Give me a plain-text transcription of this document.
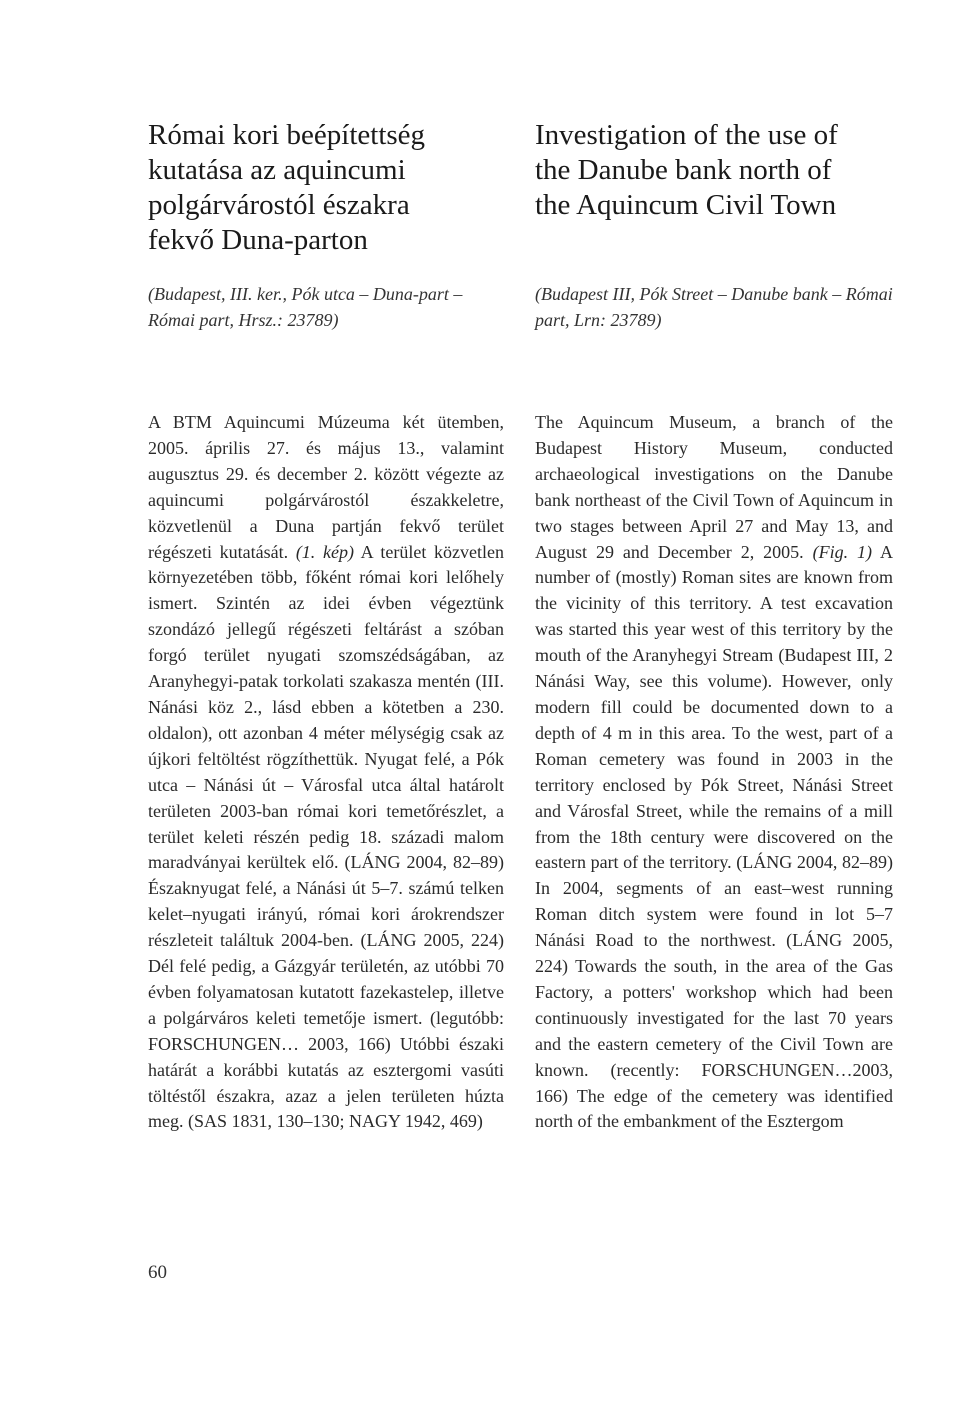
Római kori beépítettség kutatása az aquincumi polgárvárostól északra fekvő Duna-parton

(Budapest, III. ker., Pók utca – Duna-part – Római part, Hrsz.: 23789)

A BTM Aquincumi Múzeuma két ütemben, 2005. április 27. és május 13., valamint augusztus 29. és december 2. között végezte az aquincumi polgárvárostól északkeletre, közvetlenül a Duna partján fekvő terület régészeti kutatását. (1. kép) A terület közvetlen környezetében több, főként római kori lelőhely ismert. Szintén az idei évben végeztünk szondázó jellegű régészeti feltárást a szóban forgó terület nyugati szomszédságában, az Aranyhegyi-patak torkolati szakasza mentén (III. Nánási köz 2., lásd ebben a kötetben a 230. oldalon), ott azonban 4 méter mélységig csak az újkori feltöltést rögzíthettük. Nyugat felé, a Pók utca – Nánási út – Városfal utca által határolt területen 2003-ban római kori temetőrészlet, a terület keleti részén pedig 18. századi malom maradványai kerültek elő. (LÁNG 2004, 82–89) Északnyugat felé, a Nánási út 5–7. számú telken kelet–nyugati irányú, római kori árokrendszer részleteit találtuk 2004-ben. (LÁNG 2005, 224) Dél felé pedig, a Gázgyár területén, az utóbbi 70 évben folyamatosan kutatott fazekastelep, illetve a polgárváros keleti temetője ismert. (legutóbb: FORSCHUNGEN… 2003, 166) Utóbbi északi határát a korábbi kutatás az esztergomi vasúti töltéstől északra, azaz a jelen területen húzta meg. (SAS 1831, 130–130; NAGY 1942, 469)

Investigation of the use of the Danube bank north of the Aquincum Civil Town

(Budapest III, Pók Street – Danube bank – Római part, Lrn: 23789)

The Aquincum Museum, a branch of the Budapest History Museum, conducted archaeological investigations on the Danube bank northeast of the Civil Town of Aquincum in two stages between April 27 and May 13, and August 29 and December 2, 2005. (Fig. 1) A number of (mostly) Roman sites are known from the vicinity of this territory. A test excavation was started this year west of this territory by the mouth of the Aranyhegyi Stream (Budapest III, 2 Nánási Way, see this volume). However, only modern fill could be documented down to a depth of 4 m in this area. To the west, part of a Roman cemetery was found in 2003 in the territory enclosed by Pók Street, Nánási Street and Városfal Street, while the remains of a mill from the 18th century were discovered on the eastern part of the territory. (LÁNG 2004, 82–89) In 2004, segments of an east–west running Roman ditch system were found in lot 5–7 Nánási Road to the northwest. (LÁNG 2005, 224) Towards the south, in the area of the Gas Factory, a potters' workshop which had been continuously investigated for the last 70 years and the eastern cemetery of the Civil Town are known. (recently: FORSCHUNGEN…2003, 166) The edge of the cemetery was identified north of the embankment of the Esztergom

60
